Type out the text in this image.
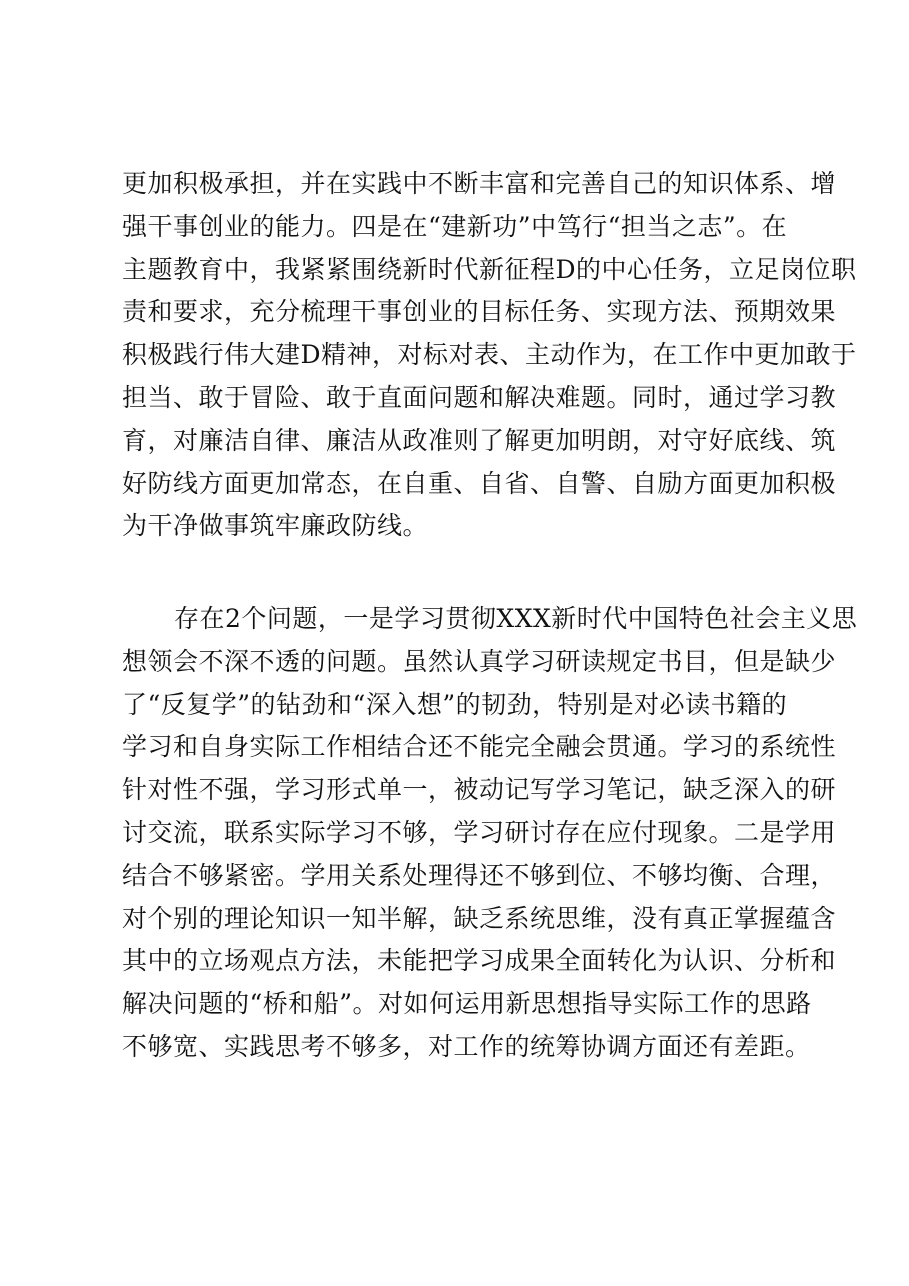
更加积极承担，并在实践中不断丰富和完善自己的知识体系、增
强干事创业的能力。四是在“建新功”中笃行“担当之志”。在
主题教育中，我紧紧围绕新时代新征程D的中心任务，立足岗位职
责和要求，充分梳理干事创业的目标任务、实现方法、预期效果
积极践行伟大建D精神，对标对表、主动作为，在工作中更加敢于
担当、敢于冒险、敢于直面问题和解决难题。同时，通过学习教
育，对廉洁自律、廉洁从政准则了解更加明朗，对守好底线、筑
好防线方面更加常态，在自重、自省、自警、自励方面更加积极
为干净做事筑牢廉政防线。
存在2个问题，一是学习贯彻XXX新时代中国特色社会主义思
想领会不深不透的问题。虽然认真学习研读规定书目，但是缺少
了“反复学”的钻劲和“深入想”的韧劲，特别是对必读书籍的
学习和自身实际工作相结合还不能完全融会贯通。学习的系统性
针对性不强，学习形式单一，被动记写学习笔记，缺乏深入的研
讨交流，联系实际学习不够，学习研讨存在应付现象。二是学用
结合不够紧密。学用关系处理得还不够到位、不够均衡、合理，
对个别的理论知识一知半解，缺乏系统思维，没有真正掌握蕴含
其中的立场观点方法，未能把学习成果全面转化为认识、分析和
解决问题的“桥和船”。对如何运用新思想指导实际工作的思路
不够宽、实践思考不够多，对工作的统筹协调方面还有差距。
